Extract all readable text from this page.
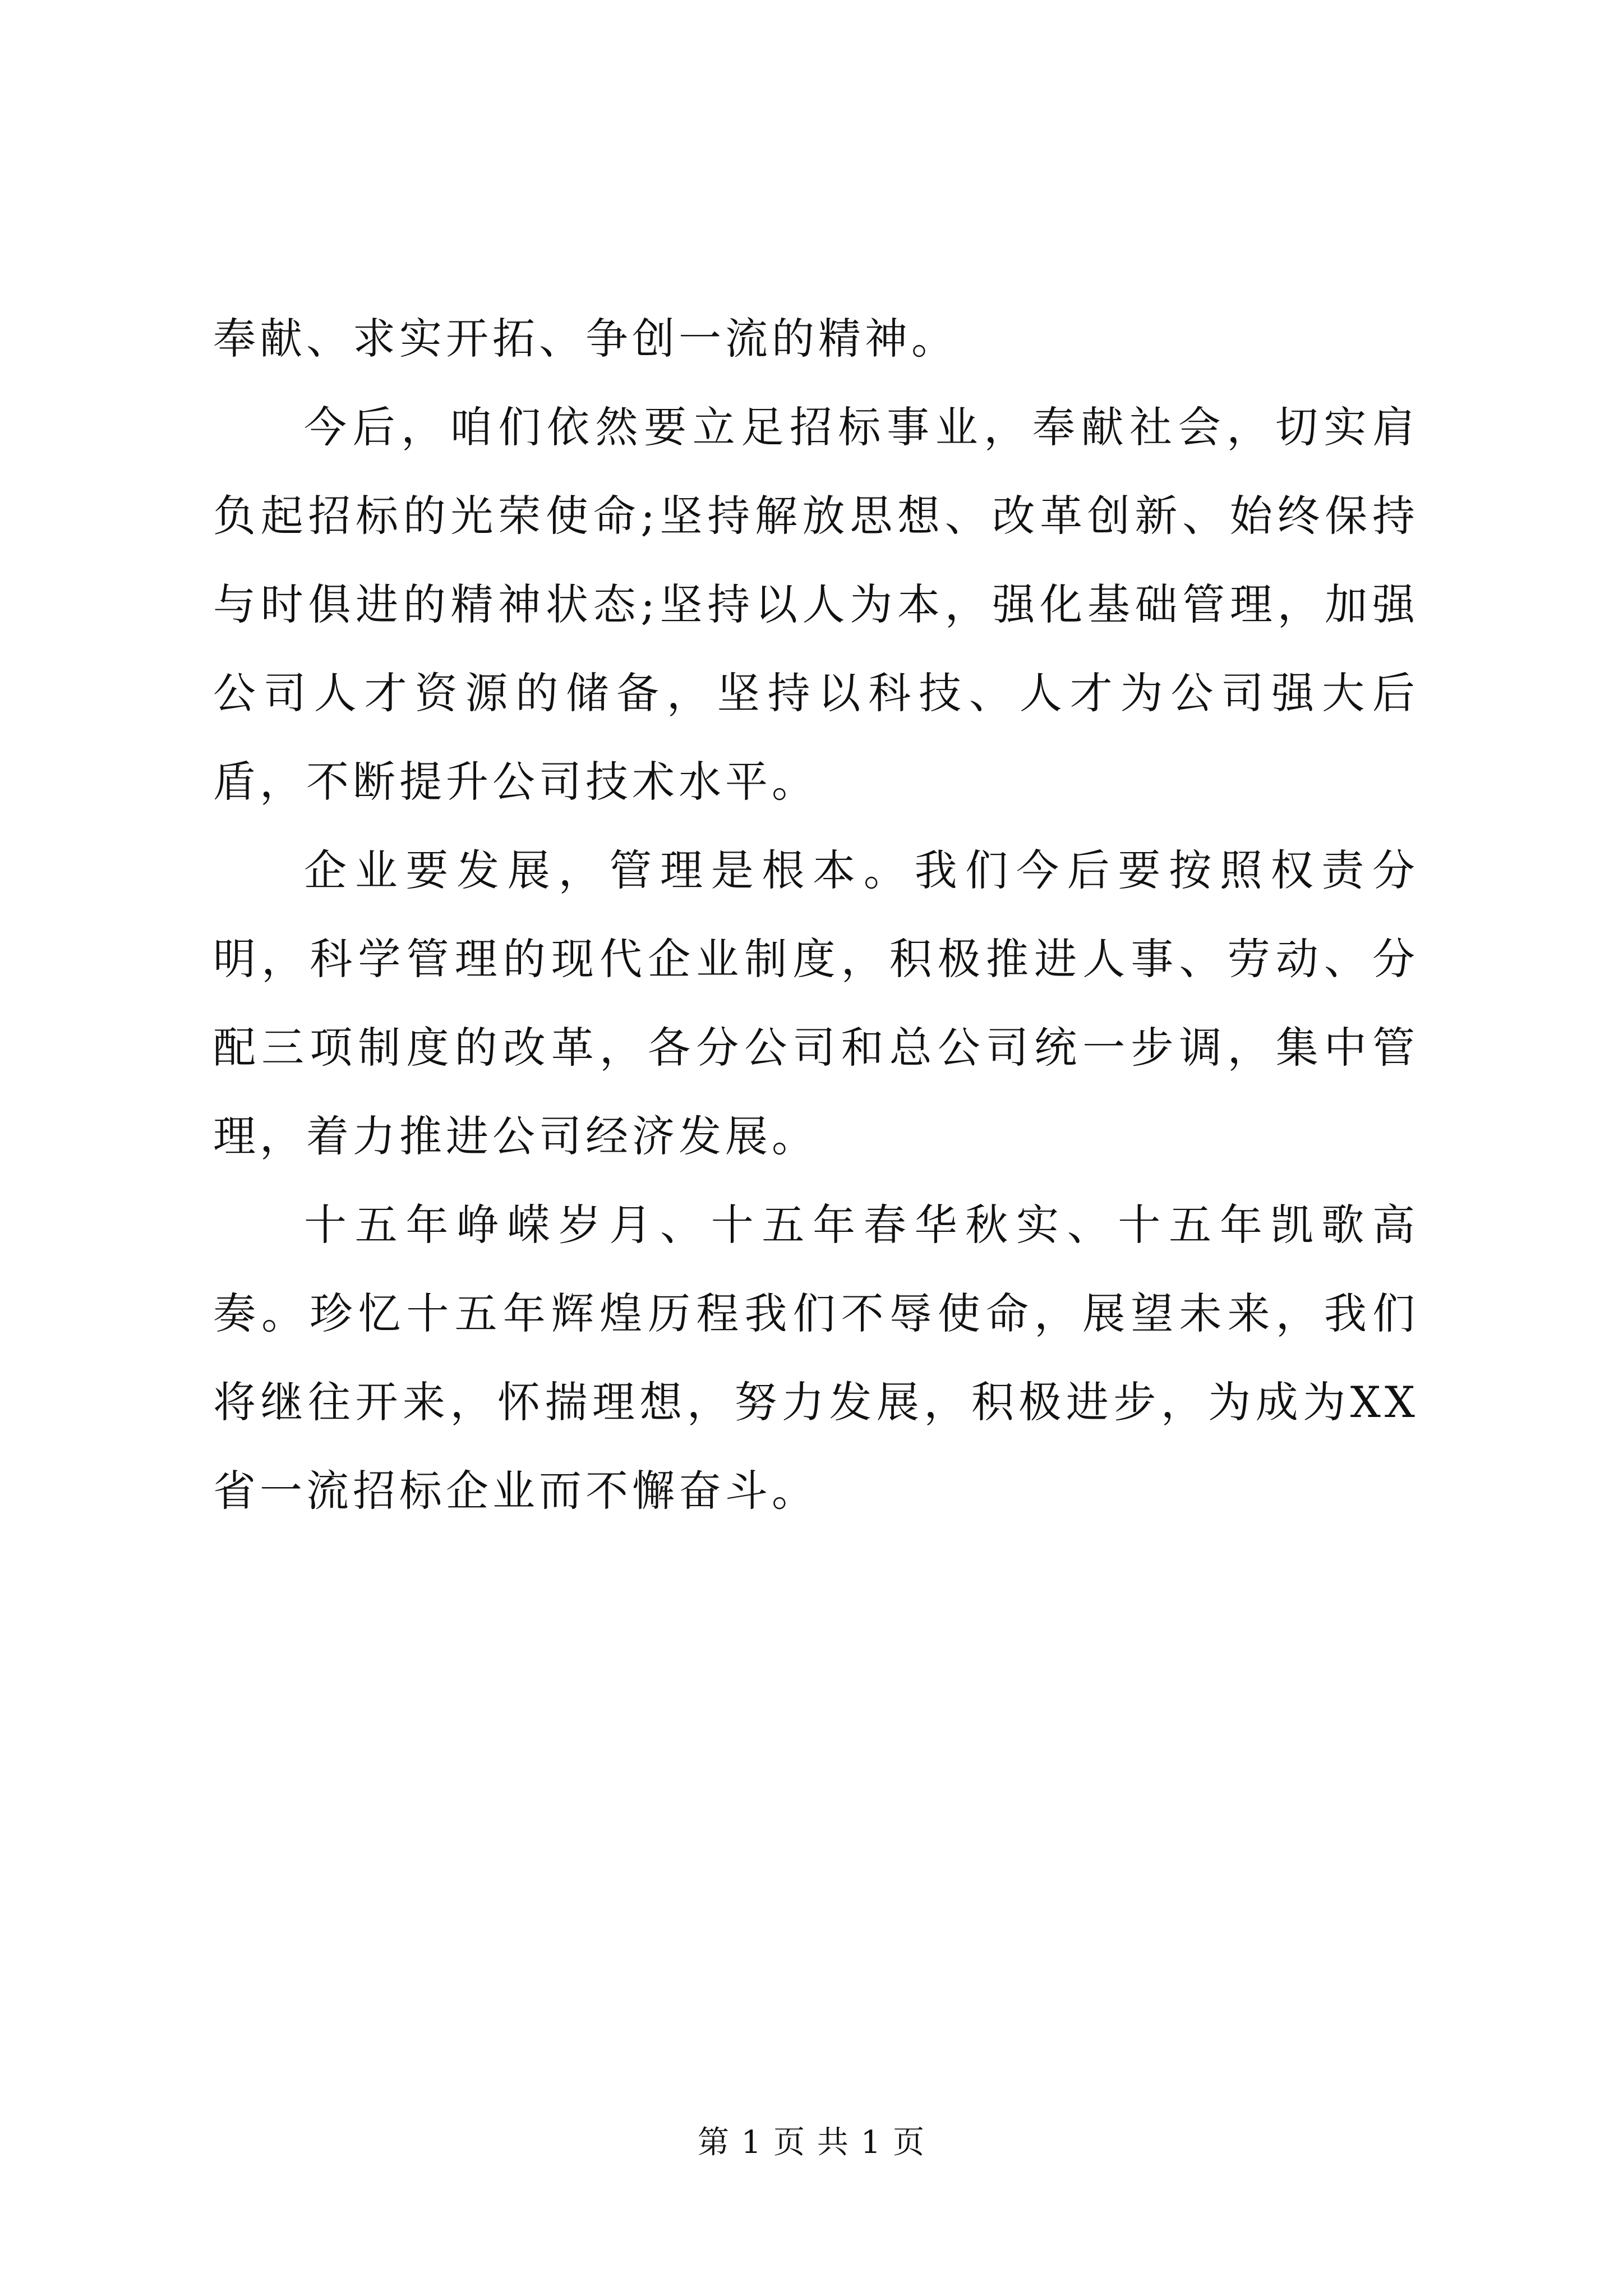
奉献、求实开拓、争创一流的精神。

今后，咱们依然要立足招标事业，奉献社会，切实肩负起招标的光荣使命;坚持解放思想、改革创新、始终保持与时俱进的精神状态;坚持以人为本，强化基础管理，加强公司人才资源的储备，坚持以科技、人才为公司强大后盾，不断提升公司技术水平。

企业要发展，管理是根本。我们今后要按照权责分明，科学管理的现代企业制度，积极推进人事、劳动、分配三项制度的改革，各分公司和总公司统一步调，集中管理，着力推进公司经济发展。

十五年峥嵘岁月、十五年春华秋实、十五年凯歌高奏。珍忆十五年辉煌历程我们不辱使命，展望未来，我们将继往开来，怀揣理想，努力发展，积极进步，为成为XX省一流招标企业而不懈奋斗。

第 1 页 共 1 页
